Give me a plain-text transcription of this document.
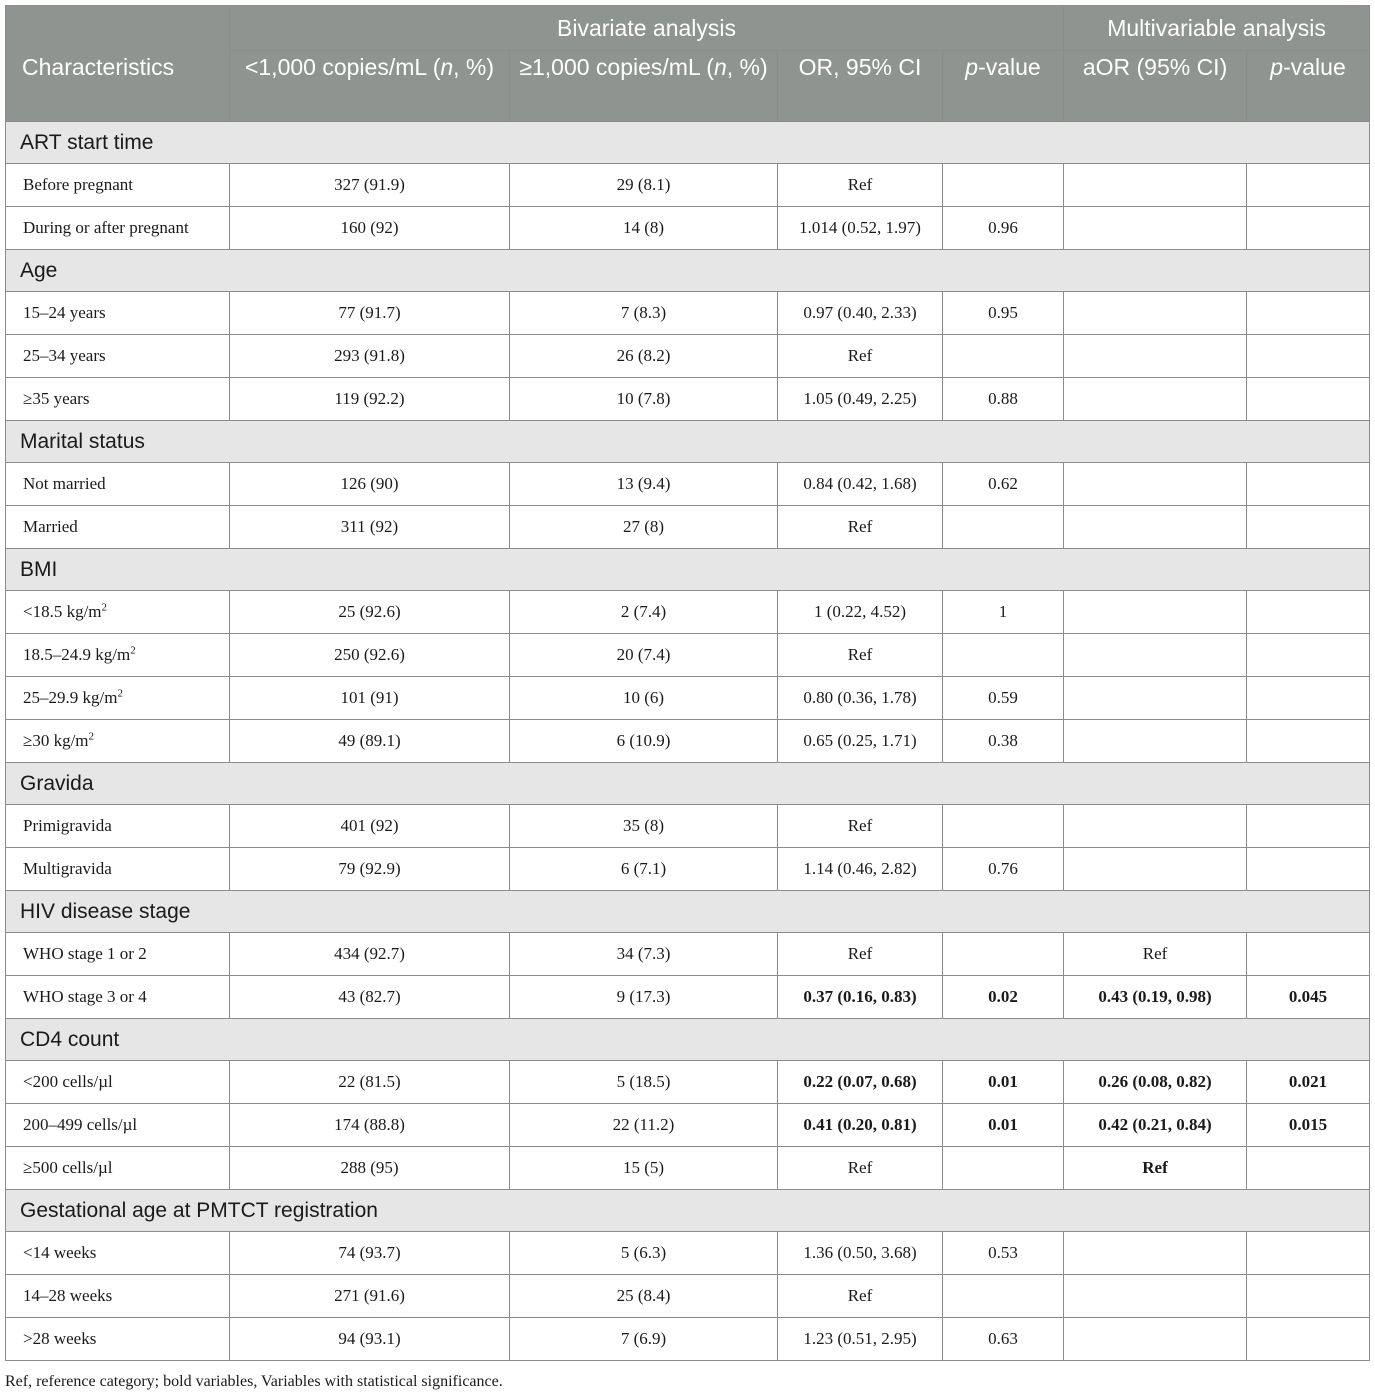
Characteristics	Bivariate analysis				Multivariable analysis	
	<1,000 copies/mL (n, %)	≥1,000 copies/mL (n, %)	OR, 95% CI	p-value	aOR (95% CI)	p-value
ART start time						
Before pregnant	327 (91.9)	29 (8.1)	Ref			
During or after pregnant	160 (92)	14 (8)	1.014 (0.52, 1.97)	0.96		
Age						
15–24 years	77 (91.7)	7 (8.3)	0.97 (0.40, 2.33)	0.95		
25–34 years	293 (91.8)	26 (8.2)	Ref			
≥35 years	119 (92.2)	10 (7.8)	1.05 (0.49, 2.25)	0.88		
Marital status						
Not married	126 (90)	13 (9.4)	0.84 (0.42, 1.68)	0.62		
Married	311 (92)	27 (8)	Ref			
BMI						
<18.5 $kg/m^2$	25 (92.6)	2 (7.4)	1 (0.22, 4.52)	1		
18.5–24.9 $kg/m^2$	250 (92.6)	20 (7.4)	Ref			
25–29.9 $kg/m^2$	101 (91)	10 (6)	0.80 (0.36, 1.78)	0.59		
≥30 $kg/m^2$	49 (89.1)	6 (10.9)	0.65 (0.25, 1.71)	0.38		
Gravida						
Primigravida	401 (92)	35 (8)	Ref			
Multigravida	79 (92.9)	6 (7.1)	1.14 (0.46, 2.82)	0.76		
HIV disease stage						
WHO stage 1 or 2	434 (92.7)	34 (7.3)	Ref		Ref	
WHO stage 3 or 4	43 (82.7)	9 (17.3)	0.37 (0.16, 0.83)	0.02	0.43 (0.19, 0.98)	0.045
CD4 count						
<200 cells/µl	22 (81.5)	5 (18.5)	0.22 (0.07, 0.68)	0.01	0.26 (0.08, 0.82)	0.021
200–499 cells/µl	174 (88.8)	22 (11.2)	0.41 (0.20, 0.81)	0.01	0.42 (0.21, 0.84)	0.015
≥500 cells/µl	288 (95)	15 (5)	Ref		Ref	
Gestational age at PMTCT registration						
<14 weeks	74 (93.7)	5 (6.3)	1.36 (0.50, 3.68)	0.53		
14–28 weeks	271 (91.6)	25 (8.4)	Ref			
>28 weeks	94 (93.1)	7 (6.9)	1.23 (0.51, 2.95)	0.63		
Ref, reference category; bold variables, Variables with statistical significance.
